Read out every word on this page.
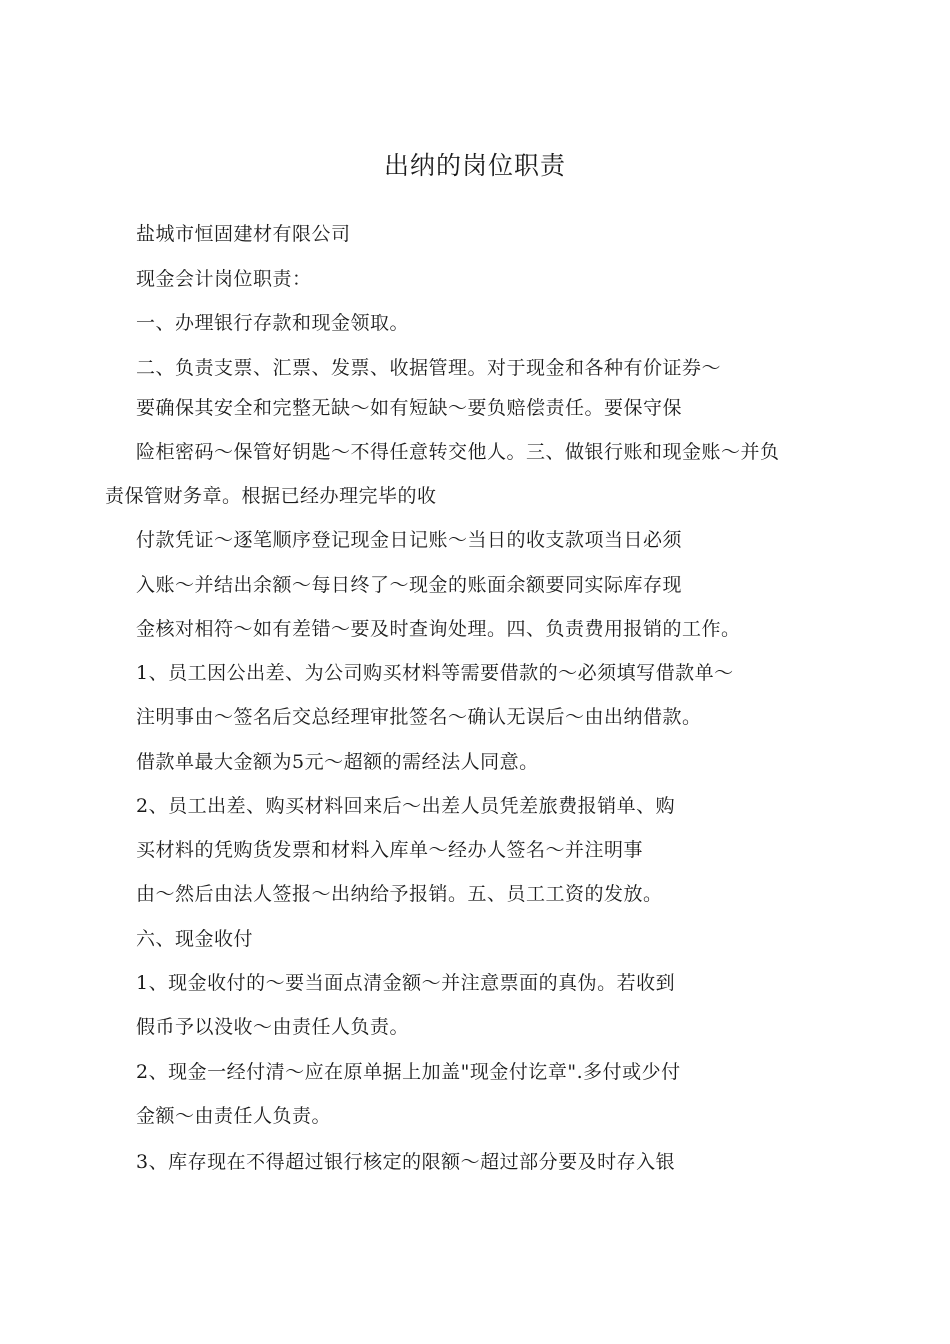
出纳的岗位职责
盐城市恒固建材有限公司
现金会计岗位职责：
一、办理银行存款和现金领取。
二、负责支票、汇票、发票、收据管理。对于现金和各种有价证券〜
要确保其安全和完整无缺〜如有短缺〜要负赔偿责任。要保守保
险柜密码〜保管好钥匙〜不得任意转交他人。三、做银行账和现金账〜并负
责保管财务章。根据已经办理完毕的收
付款凭证〜逐笔顺序登记现金日记账〜当日的收支款项当日必须
入账〜并结出余额〜每日终了〜现金的账面余额要同实际库存现
金核对相符〜如有差错〜要及时查询处理。四、负责费用报销的工作。
1、员工因公出差、为公司购买材料等需要借款的〜必须填写借款单〜
注明事由〜签名后交总经理审批签名〜确认无误后〜由出纳借款。
借款单最大金额为5元〜超额的需经法人同意。
2、员工出差、购买材料回来后〜出差人员凭差旅费报销单、购
买材料的凭购货发票和材料入库单〜经办人签名〜并注明事
由〜然后由法人签报〜出纳给予报销。五、员工工资的发放。
六、现金收付
1、现金收付的〜要当面点清金额〜并注意票面的真伪。若收到
假币予以没收〜由责任人负责。
2、现金一经付清〜应在原单据上加盖"现金付讫章".多付或少付
金额〜由责任人负责。
3、库存现在不得超过银行核定的限额〜超过部分要及时存入银
